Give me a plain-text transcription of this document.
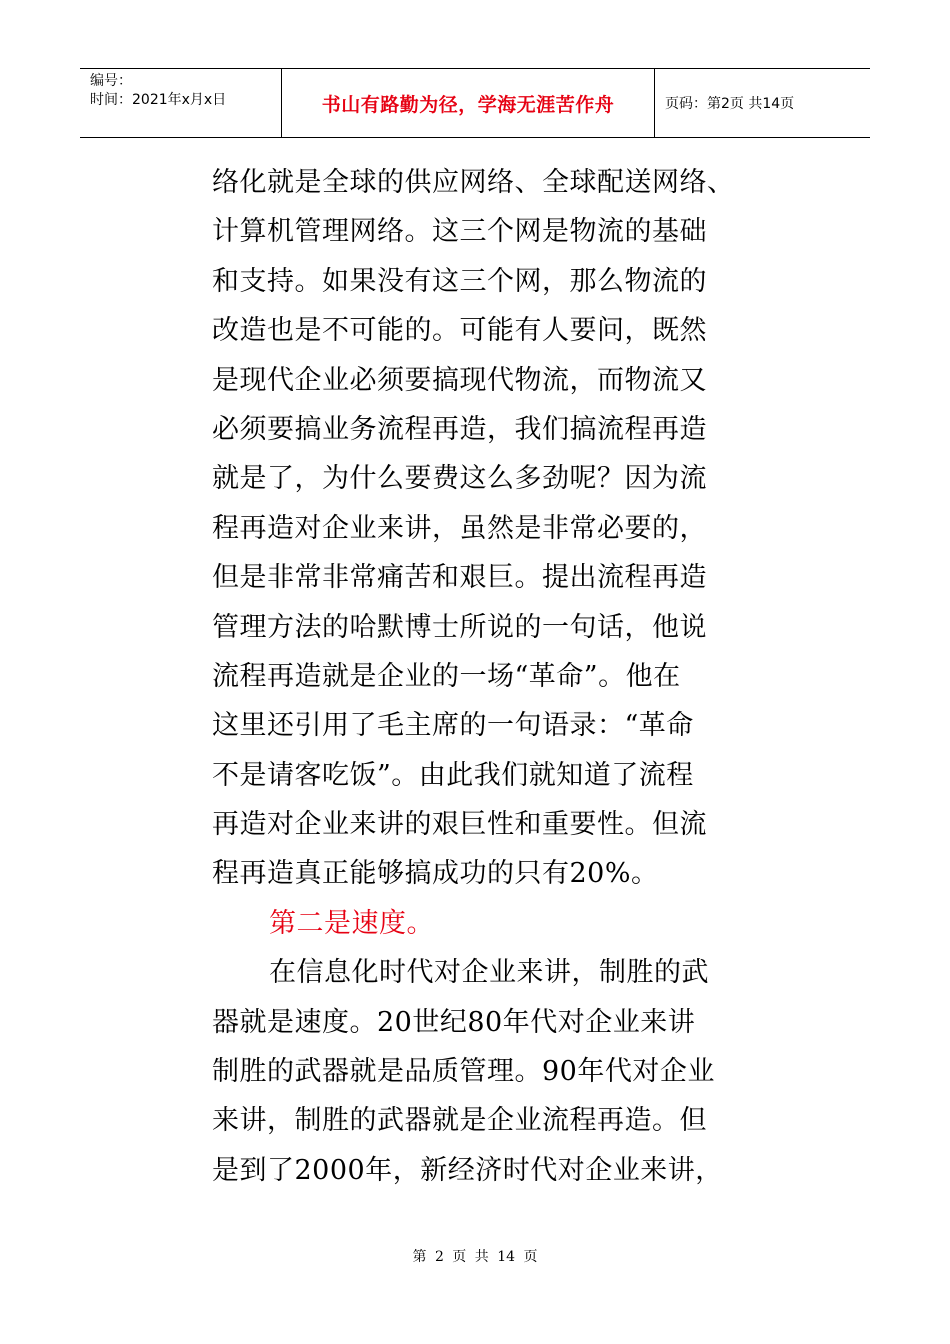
编号：
时间：2021年x月x日	书山有路勤为径，学海无涯苦作舟	页码：第2页 共14页
络化就是全球的供应网络、全球配送网络、
计算机管理网络。这三个网是物流的基础
和支持。如果没有这三个网，那么物流的
改造也是不可能的。可能有人要问，既然
是现代企业必须要搞现代物流，而物流又
必须要搞业务流程再造，我们搞流程再造
就是了，为什么要费这么多劲呢？因为流
程再造对企业来讲，虽然是非常必要的，
但是非常非常痛苦和艰巨。提出流程再造
管理方法的哈默博士所说的一句话，他说
流程再造就是企业的一场“革命”。他在
这里还引用了毛主席的一句语录：“革命
不是请客吃饭”。由此我们就知道了流程
再造对企业来讲的艰巨性和重要性。但流
程再造真正能够搞成功的只有20%。
第二是速度。
在信息化时代对企业来讲，制胜的武
器就是速度。20世纪80年代对企业来讲
制胜的武器就是品质管理。90年代对企业
来讲，制胜的武器就是企业流程再造。但
是到了2000年，新经济时代对企业来讲，
第 2 页 共 14 页
